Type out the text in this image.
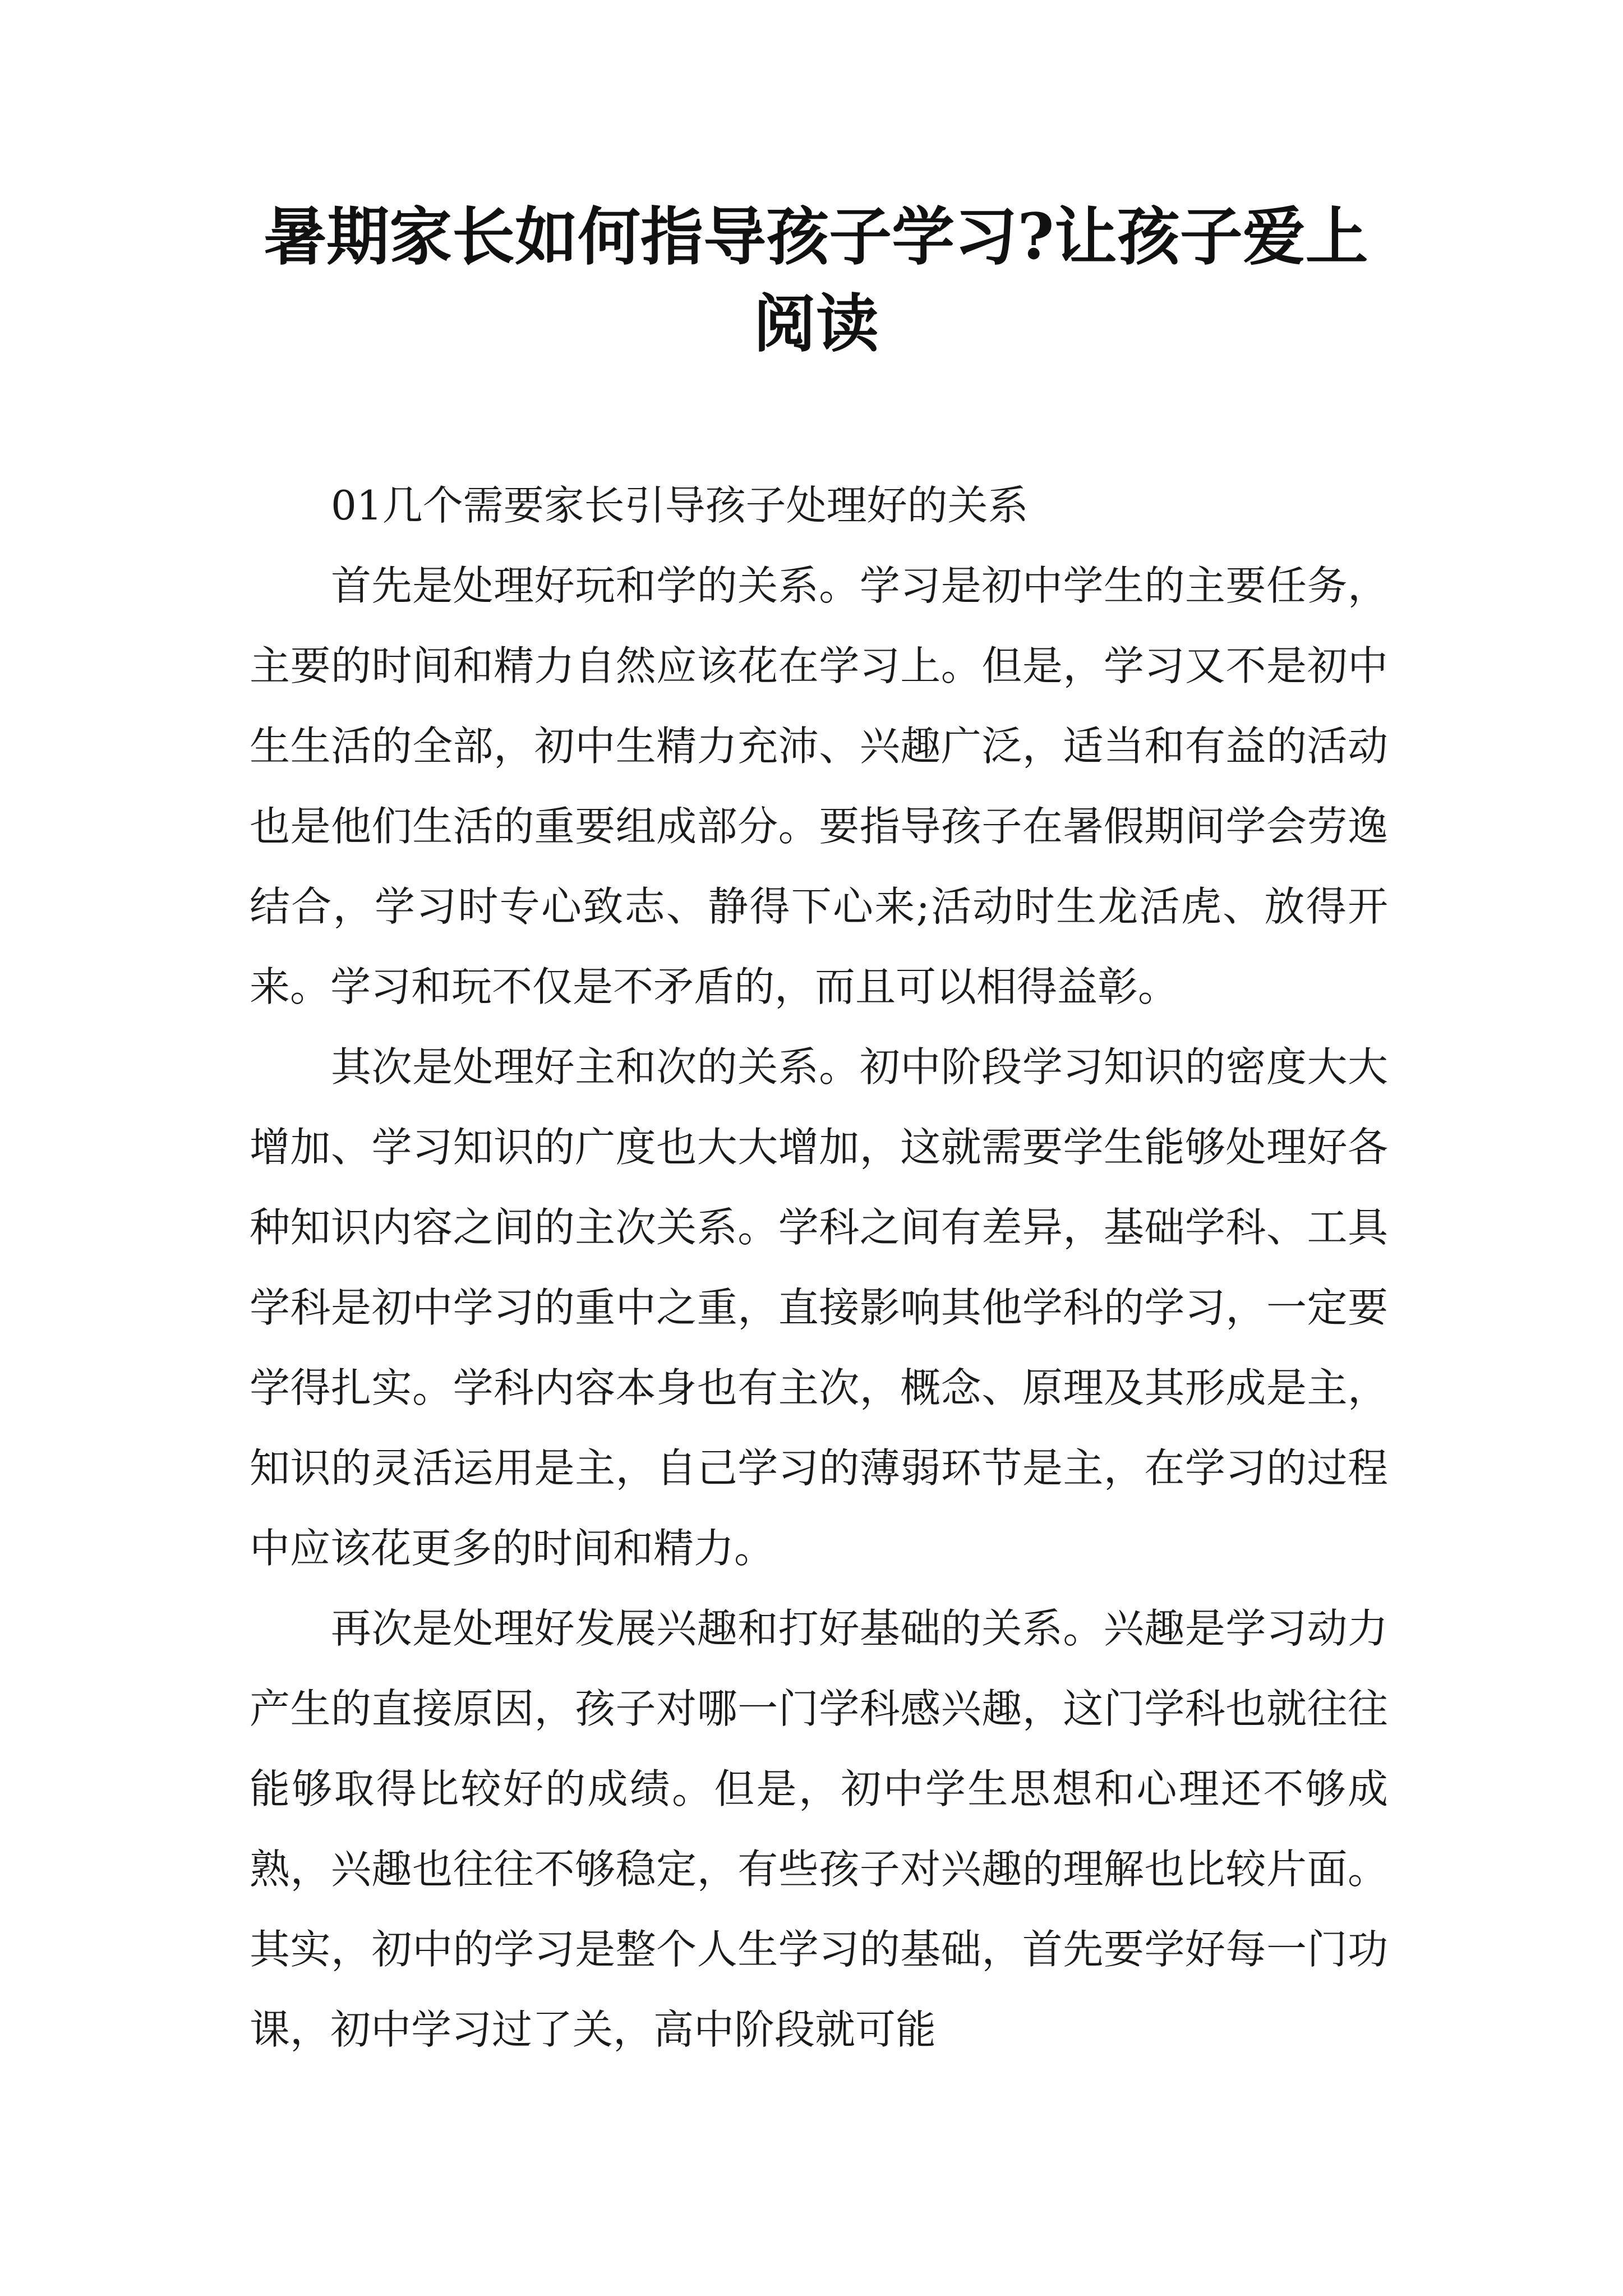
暑期家长如何指导孩子学习?让孩子爱上阅读

01几个需要家长引导孩子处理好的关系

首先是处理好玩和学的关系。学习是初中学生的主要任务，主要的时间和精力自然应该花在学习上。但是，学习又不是初中生生活的全部，初中生精力充沛、兴趣广泛，适当和有益的活动也是他们生活的重要组成部分。要指导孩子在暑假期间学会劳逸结合，学习时专心致志、静得下心来;活动时生龙活虎、放得开来。学习和玩不仅是不矛盾的，而且可以相得益彰。

其次是处理好主和次的关系。初中阶段学习知识的密度大大增加、学习知识的广度也大大增加，这就需要学生能够处理好各种知识内容之间的主次关系。学科之间有差异，基础学科、工具学科是初中学习的重中之重，直接影响其他学科的学习，一定要学得扎实。学科内容本身也有主次，概念、原理及其形成是主，知识的灵活运用是主，自己学习的薄弱环节是主，在学习的过程中应该花更多的时间和精力。

再次是处理好发展兴趣和打好基础的关系。兴趣是学习动力产生的直接原因，孩子对哪一门学科感兴趣，这门学科也就往往能够取得比较好的成绩。但是，初中学生思想和心理还不够成熟，兴趣也往往不够稳定，有些孩子对兴趣的理解也比较片面。其实，初中的学习是整个人生学习的基础，首先要学好每一门功课，初中学习过了关，高中阶段就可能
